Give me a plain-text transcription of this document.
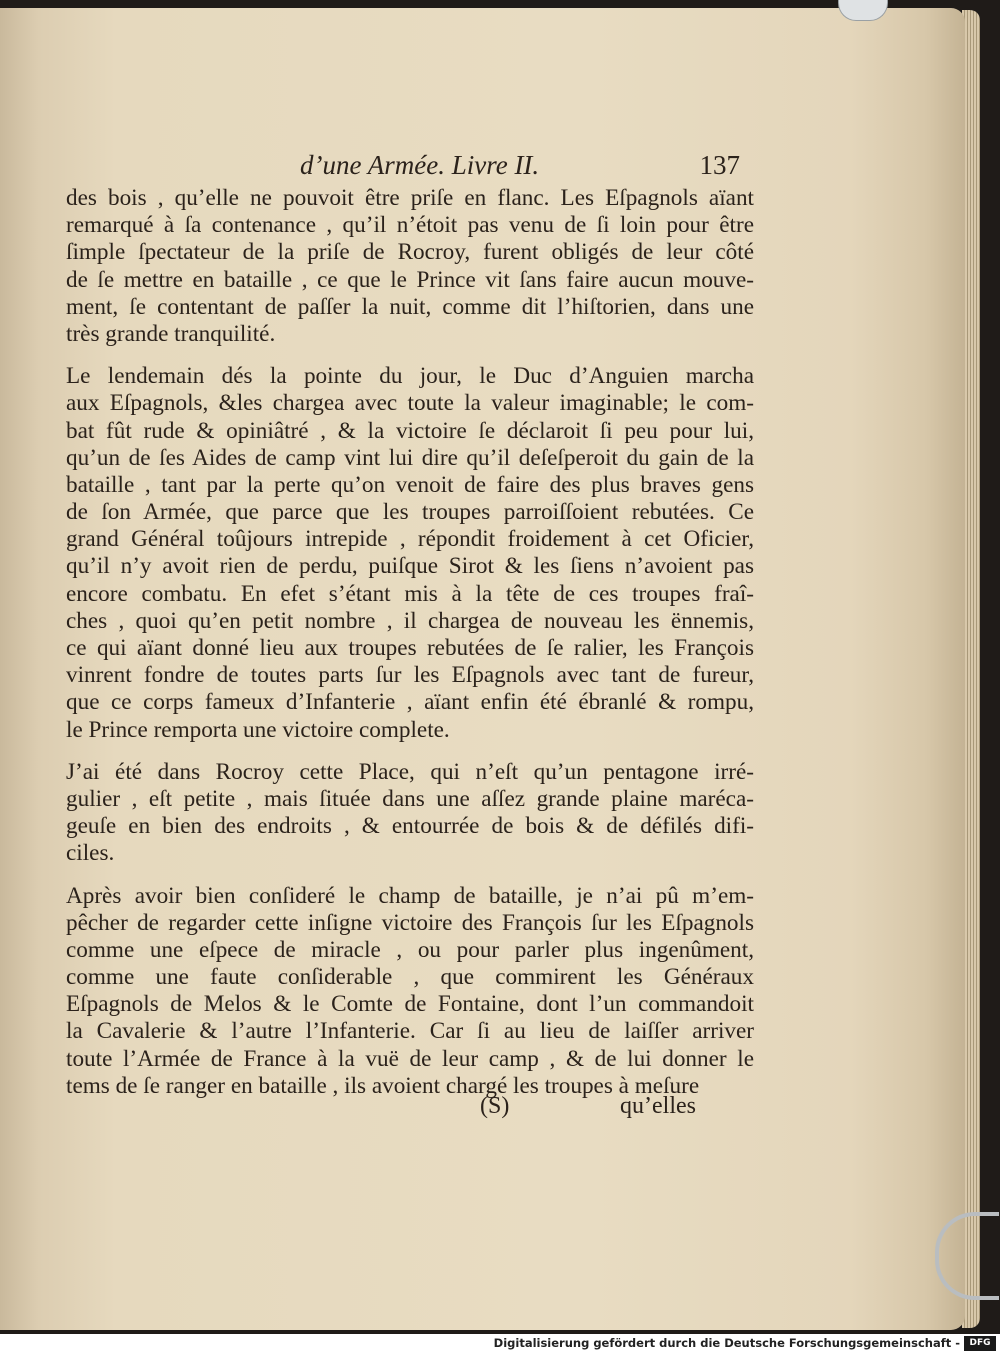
d’une Armée. Livre II.	137
des bois , qu’elle ne pouvoit être priſe en flanc. Les Eſpagnols aïant
remarqué à ſa contenance , qu’il n’étoit pas venu de ſi loin pour être
ſimple ſpectateur de la priſe de Rocroy, furent obligés de leur côté
de ſe mettre en bataille , ce que le Prince vit ſans faire aucun mouve-
ment, ſe contentant de paſſer la nuit, comme dit l’hiſtorien, dans une
très grande tranquilité.
Le lendemain dés la pointe du jour, le Duc d’Anguien marcha
aux Eſpagnols, &les chargea avec toute la valeur imaginable; le com-
bat fût rude & opiniâtré , & la victoire ſe déclaroit ſi peu pour lui,
qu’un de ſes Aides de camp vint lui dire qu’il deſeſperoit du gain de la
bataille , tant par la perte qu’on venoit de faire des plus braves gens
de ſon Armée, que parce que les troupes parroiſſoient rebutées. Ce
grand Général toûjours intrepide , répondit froidement à cet Oficier,
qu’il n’y avoit rien de perdu, puiſque Sirot & les ſiens n’avoient pas
encore combatu. En efet s’étant mis à la tête de ces troupes fraî-
ches , quoi qu’en petit nombre , il chargea de nouveau les ënnemis,
ce qui aïant donné lieu aux troupes rebutées de ſe ralier, les François
vinrent fondre de toutes parts ſur les Eſpagnols avec tant de fureur,
que ce corps fameux d’Infanterie , aïant enfin été ébranlé & rompu,
le Prince remporta une victoire complete.
J’ai été dans Rocroy cette Place, qui n’eſt qu’un pentagone irré-
gulier , eſt petite , mais ſituée dans une aſſez grande plaine maréca-
geuſe en bien des endroits , & entourrée de bois & de défilés difi-
ciles.
Après avoir bien conſideré le champ de bataille, je n’ai pû m’em-
pêcher de regarder cette inſigne victoire des François ſur les Eſpagnols
comme une eſpece de miracle , ou pour parler plus ingenûment,
comme une faute conſiderable , que commirent les Généraux
Eſpagnols de Melos & le Comte de Fontaine, dont l’un commandoit
la Cavalerie & l’autre l’Infanterie. Car ſi au lieu de laiſſer arriver
toute l’Armée de France à la vuë de leur camp , & de lui donner le
tems de ſe ranger en bataille , ils avoient chargé les troupes à meſure
(S)	qu’elles
Digitalisierung gefördert durch die Deutsche Forschungsgemeinschaft -	DFG
